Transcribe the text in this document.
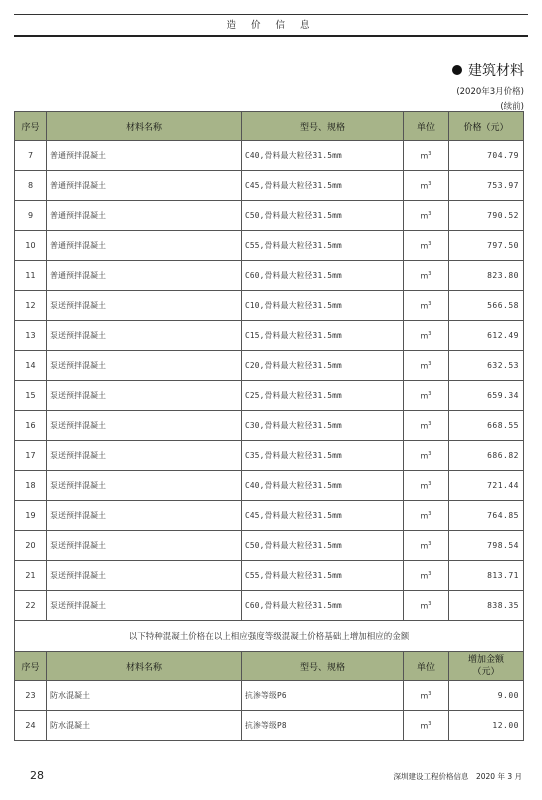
造 价 信 息
建筑材料
(2020年3月价格)
(续前)
序号	材料名称	型号、规格	单位	价格（元）
7	普通预拌混凝土	C40,骨料最大粒径31.5mm	$m^3$	704.79
8	普通预拌混凝土	C45,骨料最大粒径31.5mm	$m^3$	753.97
9	普通预拌混凝土	C50,骨料最大粒径31.5mm	$m^3$	790.52
10	普通预拌混凝土	C55,骨料最大粒径31.5mm	$m^3$	797.50
11	普通预拌混凝土	C60,骨料最大粒径31.5mm	$m^3$	823.80
12	泵送预拌混凝土	C10,骨料最大粒径31.5mm	$m^3$	566.58
13	泵送预拌混凝土	C15,骨料最大粒径31.5mm	$m^3$	612.49
14	泵送预拌混凝土	C20,骨料最大粒径31.5mm	$m^3$	632.53
15	泵送预拌混凝土	C25,骨料最大粒径31.5mm	$m^3$	659.34
16	泵送预拌混凝土	C30,骨料最大粒径31.5mm	$m^3$	668.55
17	泵送预拌混凝土	C35,骨料最大粒径31.5mm	$m^3$	686.82
18	泵送预拌混凝土	C40,骨料最大粒径31.5mm	$m^3$	721.44
19	泵送预拌混凝土	C45,骨料最大粒径31.5mm	$m^3$	764.85
20	泵送预拌混凝土	C50,骨料最大粒径31.5mm	$m^3$	798.54
21	泵送预拌混凝土	C55,骨料最大粒径31.5mm	$m^3$	813.71
22	泵送预拌混凝土	C60,骨料最大粒径31.5mm	$m^3$	838.35
以下特种混凝土价格在以上相应强度等级混凝土价格基础上增加相应的金额				
序号	材料名称	型号、规格	单位	增加金额
（元）
23	防水混凝土	抗渗等级P6	$m^3$	9.00
24	防水混凝土	抗渗等级P8	$m^3$	12.00
28	深圳建设工程价格信息　2020 年 3 月
